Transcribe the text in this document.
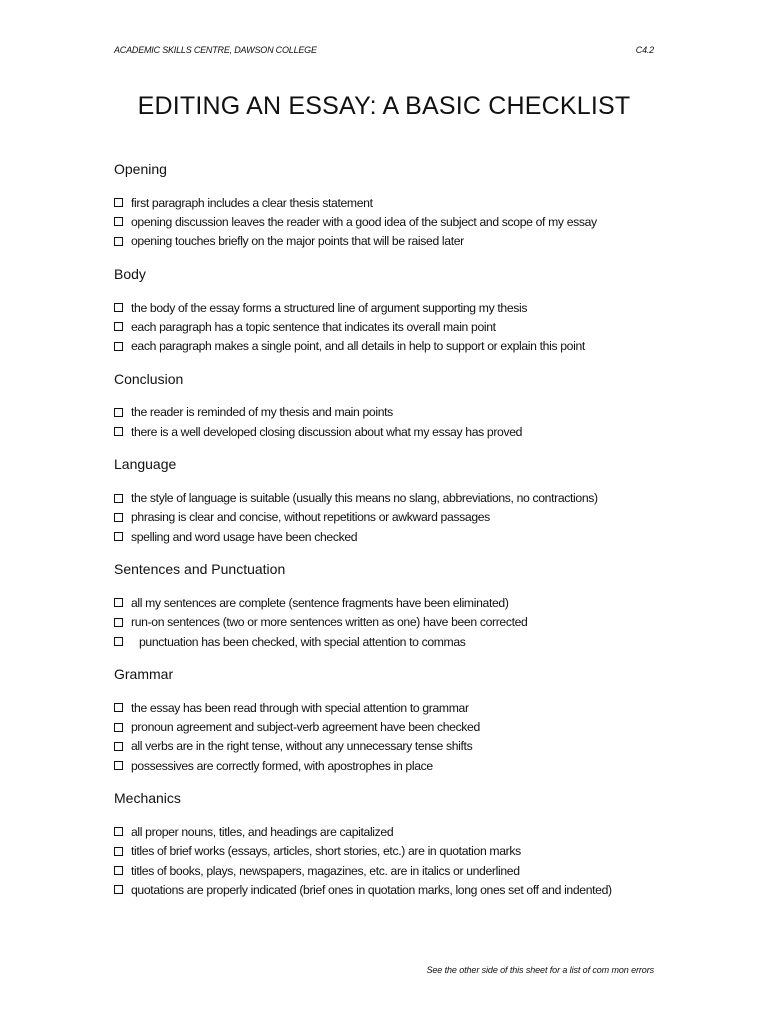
ACADEMIC SKILLS CENTRE, DAWSON COLLEGE	C4.2
EDITING AN ESSAY: A BASIC CHECKLIST
Opening
first paragraph includes a clear thesis statement
opening discussion leaves the reader with a good idea of the subject and scope of my essay
opening touches briefly on the major points that will be raised later
Body
the body of the essay forms a structured line of argument supporting my thesis
each paragraph has a topic sentence that indicates its overall main point
each paragraph makes a single point, and all details in help to support or explain this point
Conclusion
the reader is reminded of my thesis and main points
there is a well developed closing discussion about what my essay has proved
Language
the style of language is suitable (usually this means no slang, abbreviations, no contractions)
phrasing is clear and concise, without repetitions or awkward passages
spelling and word usage have been checked
Sentences and Punctuation
all my sentences are complete (sentence fragments have been eliminated)
run-on sentences (two or more sentences written as one) have been corrected
punctuation has been checked, with special attention to commas
Grammar
the essay has been read through with special attention to grammar
pronoun agreement and subject-verb agreement have been checked
all verbs are in the right tense, without any unnecessary tense shifts
possessives are correctly formed, with apostrophes in place
Mechanics
all proper nouns, titles, and headings are capitalized
titles of brief works (essays, articles, short stories, etc.) are in quotation marks
titles of books, plays, newspapers, magazines, etc. are in italics or underlined
quotations are properly indicated (brief ones in quotation marks, long ones set off and indented)
See the other side of this sheet for a list of com mon errors
